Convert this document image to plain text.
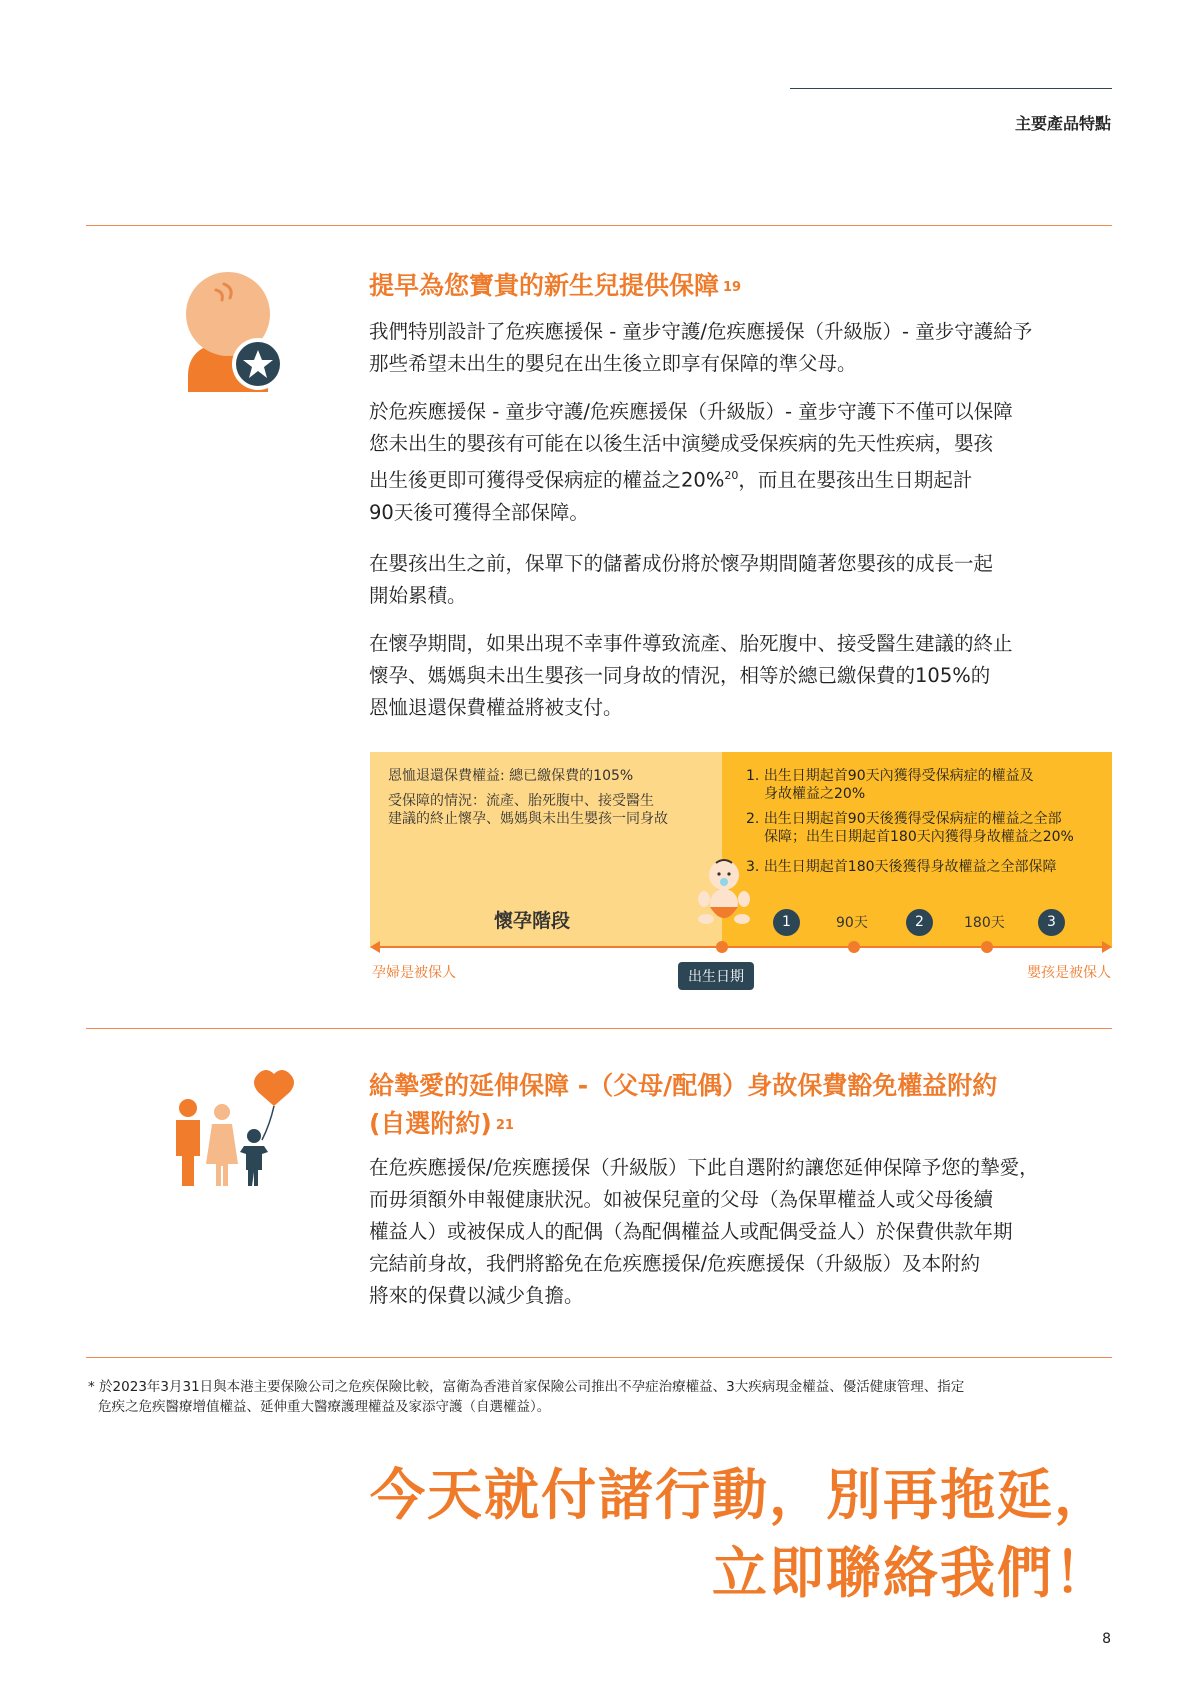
主要產品特點
提早為您寶貴的新生兒提供保障 $^{19}$
我們特別設計了危疾應援保 - 童步守護/危疾應援保（升級版）- 童步守護給予
那些希望未出生的嬰兒在出生後立即享有保障的準父母。
於危疾應援保 - 童步守護/危疾應援保（升級版）- 童步守護下不僅可以保障
您未出生的嬰孩有可能在以後生活中演變成受保疾病的先天性疾病，嬰孩
出生後更即可獲得受保病症的權益之20%$^{20}$，而且在嬰孩出生日期起計
90天後可獲得全部保障。
在嬰孩出生之前，保單下的儲蓄成份將於懷孕期間隨著您嬰孩的成長一起
開始累積。
在懷孕期間，如果出現不幸事件導致流產、胎死腹中、接受醫生建議的終止
懷孕、媽媽與未出生嬰孩一同身故的情況，相等於總已繳保費的105%的
恩恤退還保費權益將被支付。
恩恤退還保費權益: 總已繳保費的105%
受保障的情況：流產、胎死腹中、接受醫生
建議的終止懷孕、媽媽與未出生嬰孩一同身故
1. 出生日期起首90天內獲得受保病症的權益及
身故權益之20%
2. 出生日期起首90天後獲得受保病症的權益之全部
保障；出生日期起首180天內獲得身故權益之20%
3. 出生日期起首180天後獲得身故權益之全部保障
懷孕階段	1	90天	2	180天	3
孕婦是被保人	嬰孩是被保人
出生日期
給摯愛的延伸保障 -（父母/配偶）身故保費豁免權益附約
(自選附約) $^{21}$
在危疾應援保/危疾應援保（升級版）下此自選附約讓您延伸保障予您的摯愛，
而毋須額外申報健康狀況。如被保兒童的父母（為保單權益人或父母後續
權益人）或被保成人的配偶（為配偶權益人或配偶受益人）於保費供款年期
完結前身故，我們將豁免在危疾應援保/危疾應援保（升級版）及本附約
將來的保費以減少負擔。
* 於2023年3月31日與本港主要保險公司之危疾保險比較，富衛為香港首家保險公司推出不孕症治療權益、3大疾病現金權益、優活健康管理、指定
危疾之危疾醫療增值權益、延伸重大醫療護理權益及家添守護（自選權益）。
今天就付諸行動，別再拖延，
立即聯絡我們！
8
